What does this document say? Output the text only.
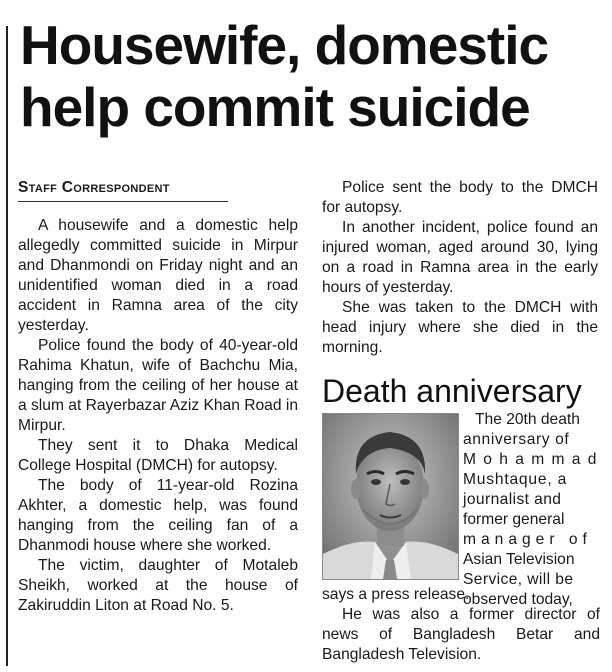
Housewife, domestic
help commit suicide
Staff Correspondent

A housewife and a domestic help allegedly committed suicide in Mirpur and Dhanmondi on Friday night and an unidentified woman died in a road accident in Ramna area of the city yesterday.

Police found the body of 40-year-old Rahima Khatun, wife of Bachchu Mia, hanging from the ceiling of her house at a slum at Rayerbazar Aziz Khan Road in Mirpur.

They sent it to Dhaka Medical College Hospital (DMCH) for autopsy.

The body of 11-year-old Rozina Akhter, a domestic help, was found hanging from the ceiling fan of a Dhanmodi house where she worked.

The victim, daughter of Motaleb Sheikh, worked at the house of Zakiruddin Liton at Road No. 5.

Police sent the body to the DMCH for autopsy.

In another incident, police found an injured woman, aged around 30, lying on a road in Ramna area in the early hours of yesterday.

She was taken to the DMCH with head injury where she died in the morning.

Death anniversary

The 20th death
anniversary of
Mohammad
Mushtaque, a
journalist and
former general
manager of
Asian Television
Service, will be
observed today,

says a press release.

He was also a former director of news of Bangladesh Betar and Bangladesh Television.
